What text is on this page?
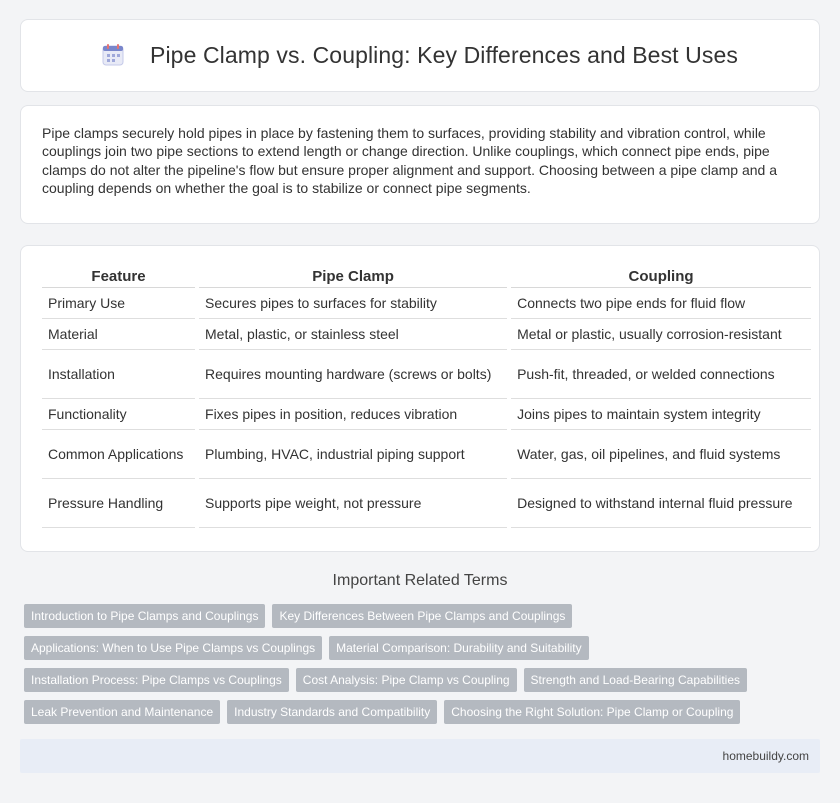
Pipe Clamp vs. Coupling: Key Differences and Best Uses

Pipe clamps securely hold pipes in place by fastening them to surfaces, providing stability and vibration control, while couplings join two pipe sections to extend length or change direction. Unlike couplings, which connect pipe ends, pipe clamps do not alter the pipeline's flow but ensure proper alignment and support. Choosing between a pipe clamp and a coupling depends on whether the goal is to stabilize or connect pipe segments.

Feature	Pipe Clamp	Coupling
Primary Use	Secures pipes to surfaces for stability	Connects two pipe ends for fluid flow
Material	Metal, plastic, or stainless steel	Metal or plastic, usually corrosion-resistant
Installation	Requires mounting hardware (screws or bolts)	Push-fit, threaded, or welded connections
Functionality	Fixes pipes in position, reduces vibration	Joins pipes to maintain system integrity
Common Applications	Plumbing, HVAC, industrial piping support	Water, gas, oil pipelines, and fluid systems
Pressure Handling	Supports pipe weight, not pressure	Designed to withstand internal fluid pressure
Important Related Terms
Introduction to Pipe Clamps and Couplings	Key Differences Between Pipe Clamps and Couplings
Applications: When to Use Pipe Clamps vs Couplings	Material Comparison: Durability and Suitability
Installation Process: Pipe Clamps vs Couplings	Cost Analysis: Pipe Clamp vs Coupling	Strength and Load-Bearing Capabilities
Leak Prevention and Maintenance	Industry Standards and Compatibility	Choosing the Right Solution: Pipe Clamp or Coupling
homebuildy.com
